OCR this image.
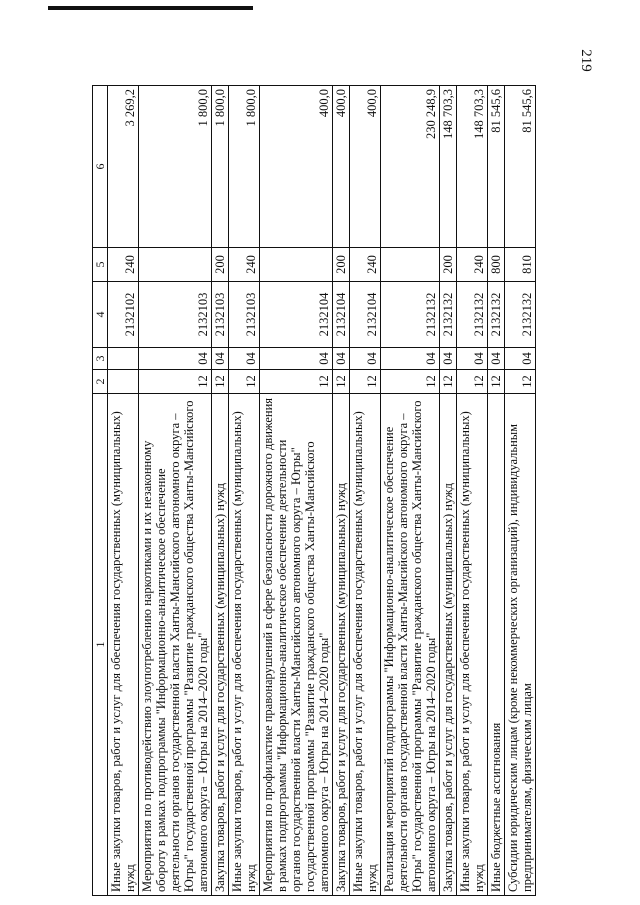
219
1	2	3	4	5	6
Иные закупки товаров, работ и услуг для обеспечения государственных (муниципальных) нужд			2132102	240	3 269,2
Мероприятия по противодействию злоупотреблению наркотиками и их незаконному обороту в рамках подпрограммы "Информационно-аналитическое обеспечение деятельности органов государственной власти Ханты-Мансийского автономного округа – Югры" государственной программы "Развитие гражданского общества Ханты-Мансийского автономного округа – Югры на 2014–2020 годы"	12	04	2132103		1 800,0
Закупка товаров, работ и услуг для государственных (муниципальных) нужд	12	04	2132103	200	1 800,0
Иные закупки товаров, работ и услуг для обеспечения государственных (муниципальных) нужд	12	04	2132103	240	1 800,0
Мероприятия по профилактике правонарушений в сфере безопасности дорожного движения в рамках подпрограммы "Информационно-аналитическое обеспечение деятельности органов государственной власти Ханты-Мансийского автономного округа – Югры" государственной программы "Развитие гражданского общества Ханты-Мансийского автономного округа – Югры на 2014–2020 годы"	12	04	2132104		400,0
Закупка товаров, работ и услуг для государственных (муниципальных) нужд	12	04	2132104	200	400,0
Иные закупки товаров, работ и услуг для обеспечения государственных (муниципальных) нужд	12	04	2132104	240	400,0
Реализация мероприятий подпрограммы "Информационно-аналитическое обеспечение деятельности органов государственной власти Ханты-Мансийского автономного округа – Югры" государственной программы "Развитие гражданского общества Ханты-Мансийского автономного округа – Югры на 2014–2020 годы"	12	04	2132132		230 248,9
Закупка товаров, работ и услуг для государственных (муниципальных) нужд	12	04	2132132	200	148 703,3
Иные закупки товаров, работ и услуг для обеспечения государственных (муниципальных) нужд	12	04	2132132	240	148 703,3
Иные бюджетные ассигнования	12	04	2132132	800	81 545,6
Субсидии юридическим лицам (кроме некоммерческих организаций), индивидуальным предпринимателям, физическим лицам	12	04	2132132	810	81 545,6
